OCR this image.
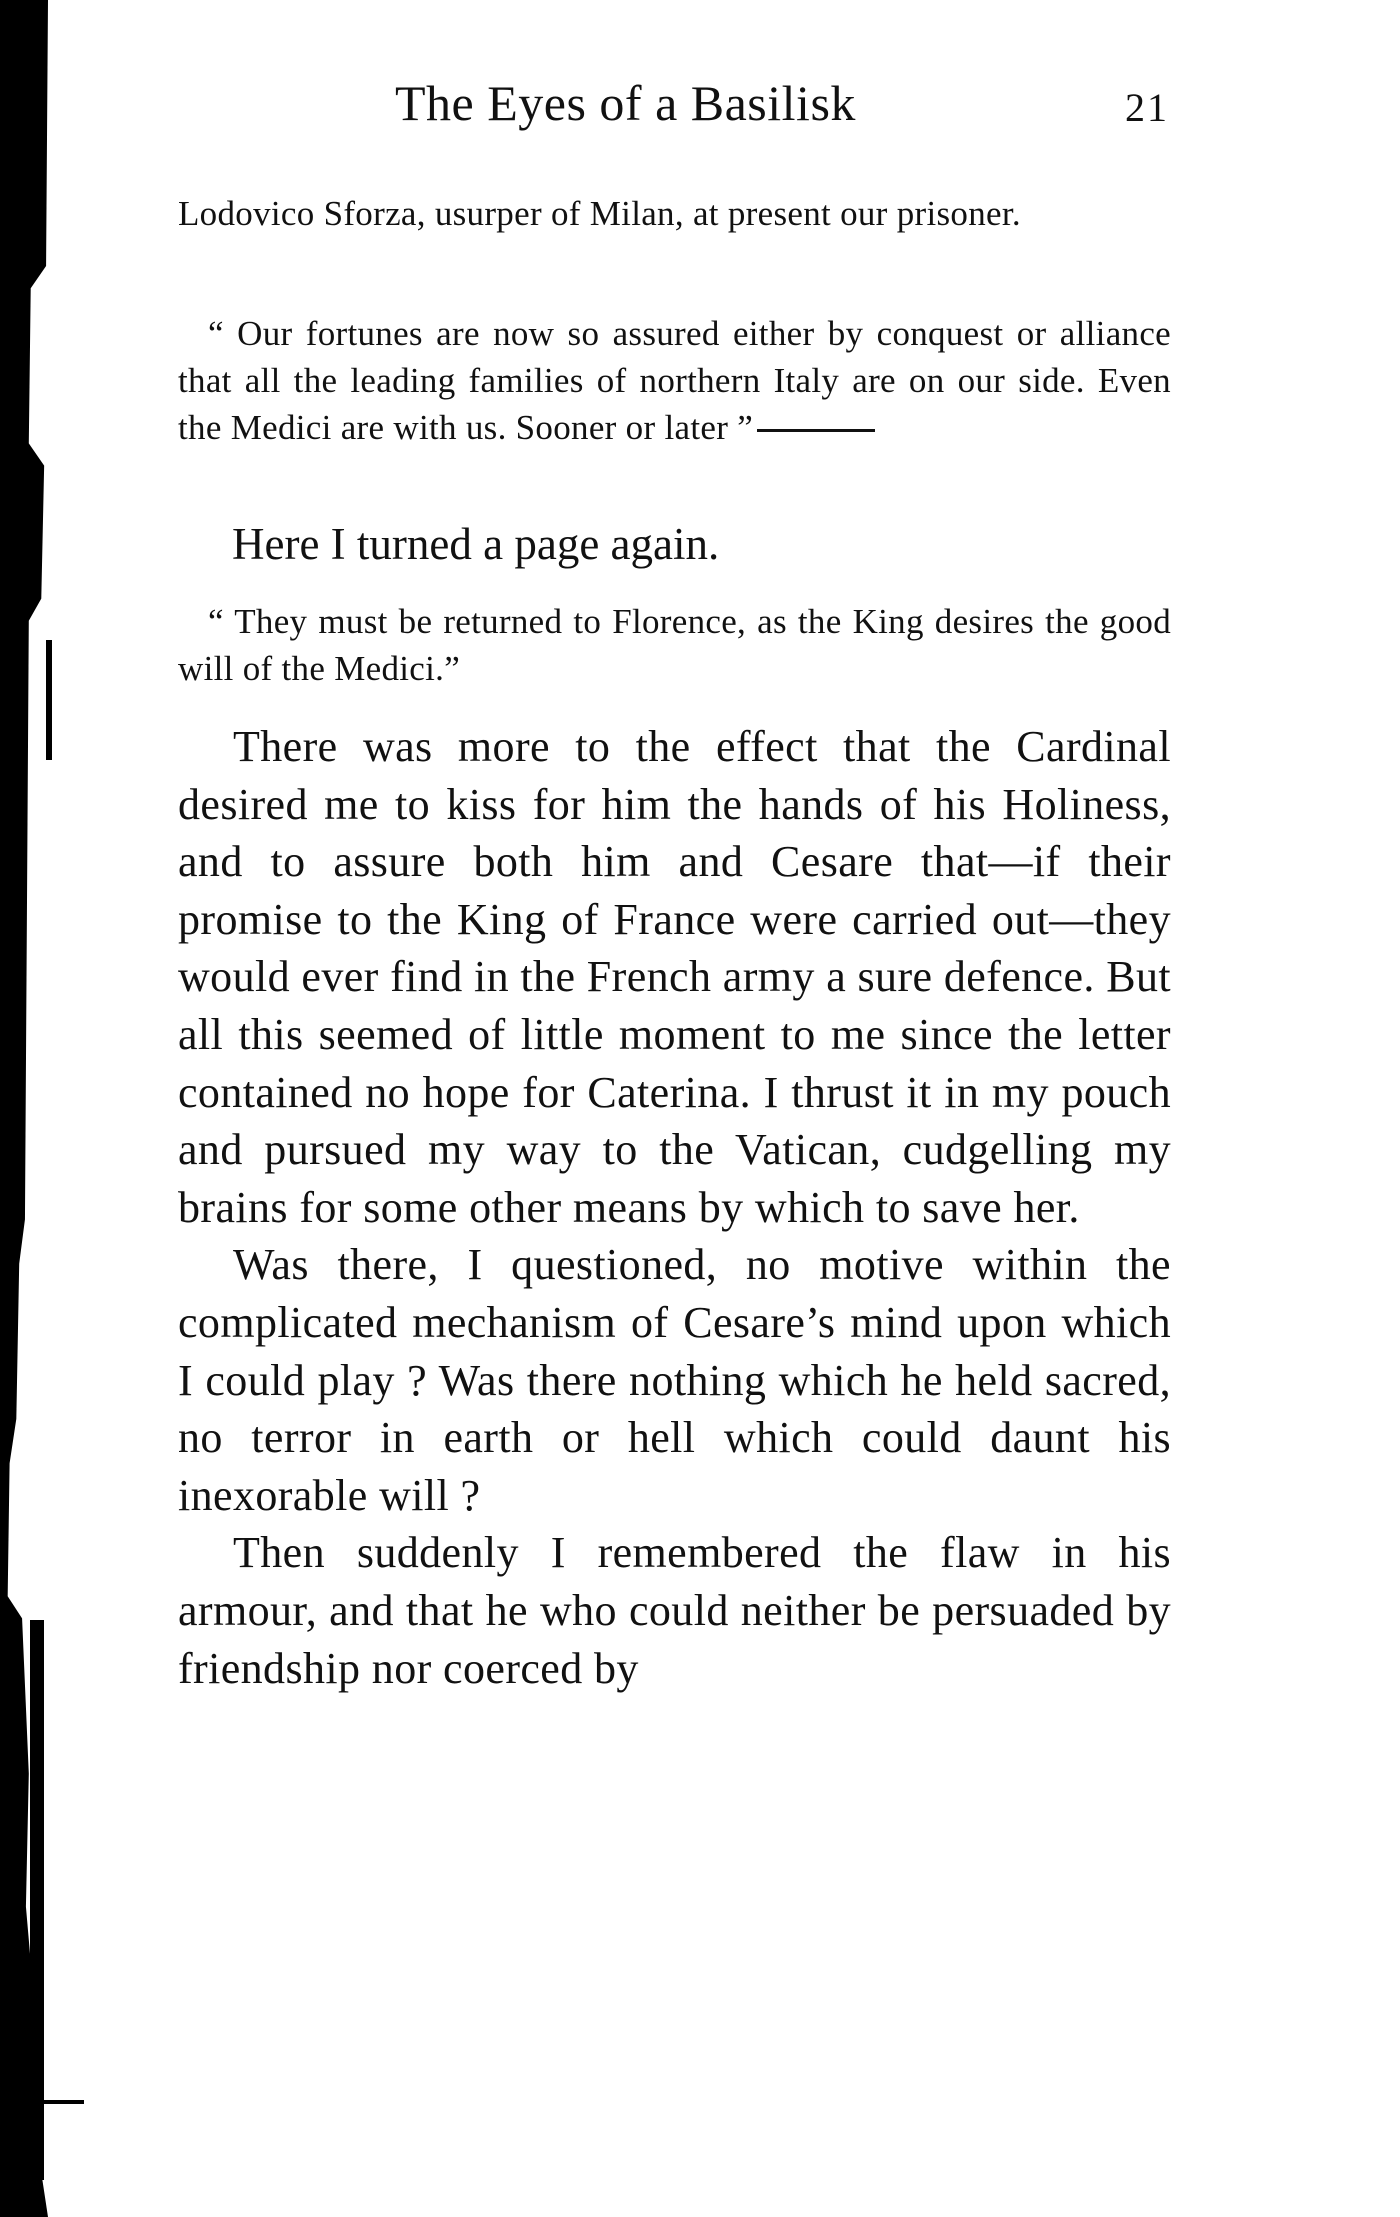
The Eyes of a Basilisk	21

Lodovico Sforza, usurper of Milan, at present our prisoner.

“ Our fortunes are now so assured either by conquest or alliance that all the leading families of northern Italy are on our side. Even the Medici are with us. Sooner or later ”

Here I turned a page again.

“ They must be returned to Florence, as the King desires the good will of the Medici.”

There was more to the effect that the Cardinal desired me to kiss for him the hands of his Holiness, and to assure both him and Cesare that—if their promise to the King of France were carried out—they would ever find in the French army a sure defence. But all this seemed of little moment to me since the letter contained no hope for Caterina. I thrust it in my pouch and pursued my way to the Vatican, cudgelling my brains for some other means by which to save her.

Was there, I questioned, no motive within the complicated mechanism of Cesare’s mind upon which I could play ? Was there nothing which he held sacred, no terror in earth or hell which could daunt his inexorable will ?

Then suddenly I remembered the flaw in his armour, and that he who could neither be persuaded by friendship nor coerced by
